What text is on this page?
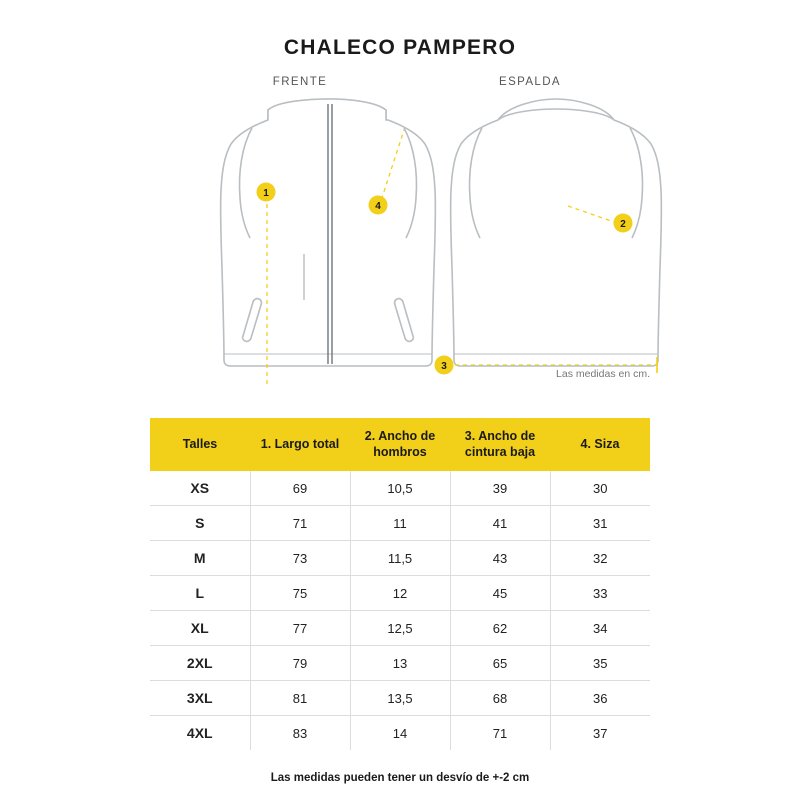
CHALECO PAMPERO
FRENTE	ESPALDA
1
4
2
3
Las medidas en cm.
Talles	1. Largo total	2. Ancho de hombros	3. Ancho de cintura baja	4. Siza
XS	69	10,5	39	30
S	71	11	41	31
M	73	11,5	43	32
L	75	12	45	33
XL	77	12,5	62	34
2XL	79	13	65	35
3XL	81	13,5	68	36
4XL	83	14	71	37
Las medidas pueden tener un desvío de +-2 cm
